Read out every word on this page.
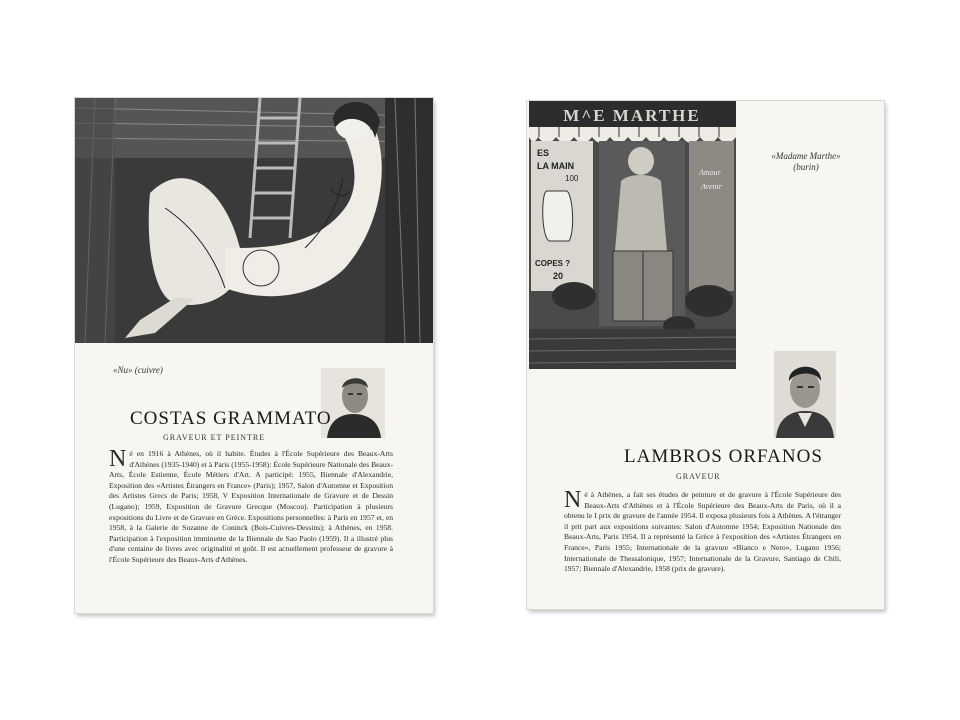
«Nu» (cuivre)
COSTAS GRAMMATO
GRAVEUR ET PEINTRE
Né en 1916 à Athènes, où il habite. Études à l'École Supérieure des Beaux-Arts d'Athènes (1935-1940) et à Paris (1955-1958): École Supérieure Nationale des Beaux-Arts, École Estienne, École Métiers d'Art. A participé: 1955, Biennale d'Alexandrie, Exposition des «Artistes Étrangers en France» (Paris); 1957, Salon d'Automne et Exposition des Artistes Grecs de Paris; 1958, V Exposition Internationale de Gravure et de Dessin (Lugano); 1959, Exposition de Gravure Grecque (Moscou). Participation à plusieurs expositions du Livre et de Gravure en Grèce. Expositions personnelles: à Paris en 1957 et, en 1958, à la Galerie de Suzanne de Coninck (Bois-Cuivres-Dessins); à Athènes, en 1958. Participation à l'exposition imminente de la Biennale de Sao Paolo (1959). Il a illustré plus d'une centaine de livres avec originalité et goût. Il est actuellement professeur de gravure à l'École Supérieure des Beaux-Arts d'Athènes.
M^E MARTHE
ES
LA MAIN
100
COPES ?
20
Amour
Avenir
«Madame Marthe»
(burin)
LAMBROS ORFANOS
GRAVEUR
Né à Athènes, a fait ses études de peinture et de gravure à l'École Supérieure des Beaux-Arts d'Athènes et à l'École Supérieure des Beaux-Arts de Paris, où il a obtenu le I prix de gravure de l'année 1954. Il exposa plusieurs fois à Athènes. A l'étranger il prit part aux expositions suivantes: Salon d'Automne 1954; Exposition Nationale des Beaux-Arts, Paris 1954. Il a représenté la Grèce à l'exposition des «Artistes Étrangers en France», Paris 1955; Internationale de la gravure «Bianco e Nero», Lugano 1956; Internationale de Thessalonique, 1957; Internationale de la Gravure, Santiago de Chili, 1957; Biennale d'Alexandrie, 1958 (prix de gravure).
